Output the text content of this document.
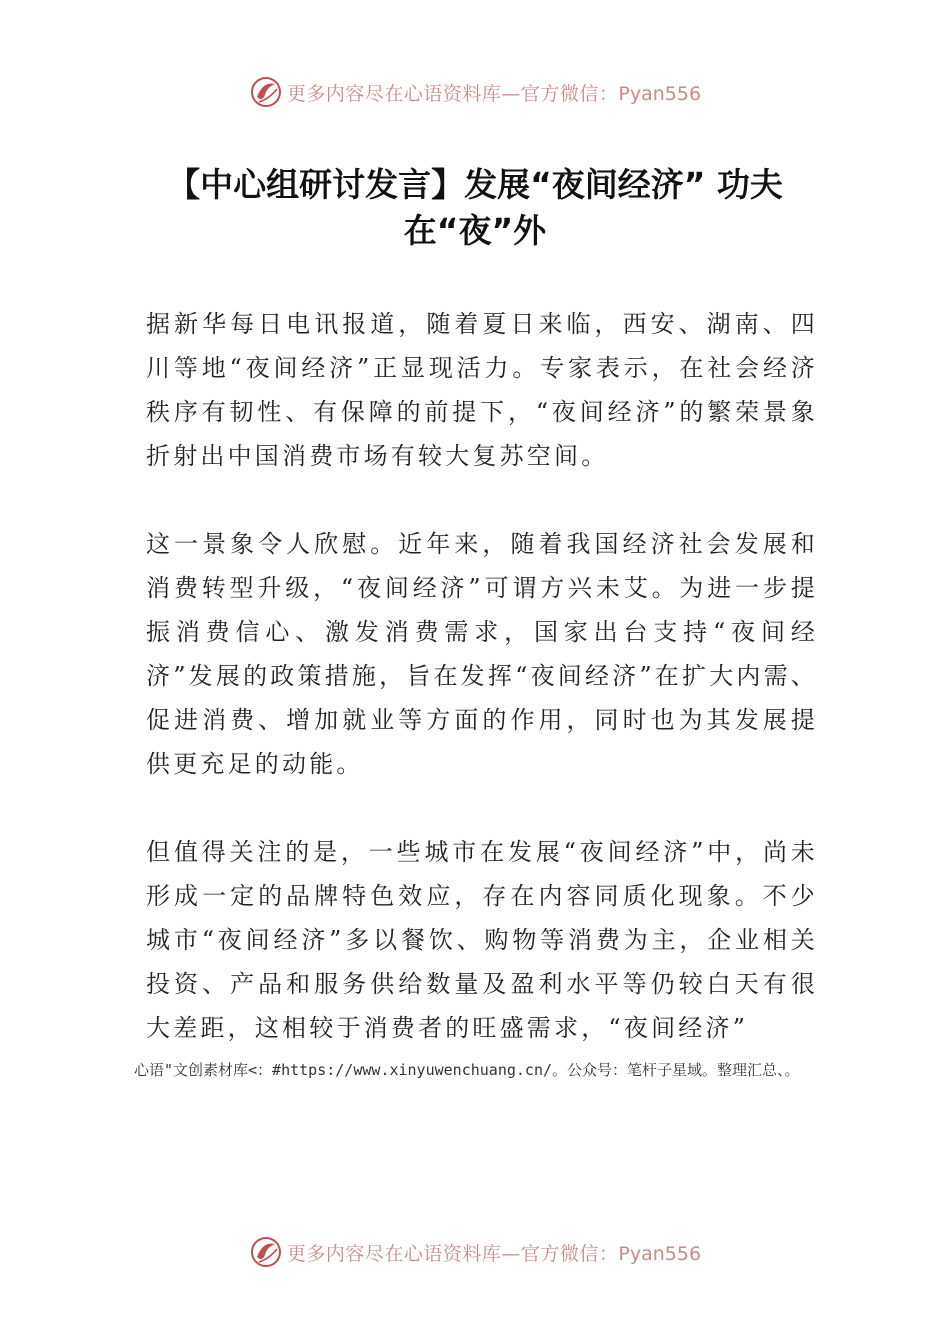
更多内容尽在心语资料库—官方微信：Pyan556
【中心组研讨发言】发展“夜间经济” 功夫在“夜”外

据新华每日电讯报道，随着夏日来临，西安、湖南、四川等地“夜间经济”正显现活力。专家表示，在社会经济秩序有韧性、有保障的前提下，“夜间经济”的繁荣景象折射出中国消费市场有较大复苏空间。

这一景象令人欣慰。近年来，随着我国经济社会发展和消费转型升级，“夜间经济”可谓方兴未艾。为进一步提振消费信心、激发消费需求，国家出台支持“夜间经济”发展的政策措施，旨在发挥“夜间经济”在扩大内需、促进消费、增加就业等方面的作用，同时也为其发展提供更充足的动能。

但值得关注的是，一些城市在发展“夜间经济”中，尚未形成一定的品牌特色效应，存在内容同质化现象。不少城市“夜间经济”多以餐饮、购物等消费为主，企业相关投资、产品和服务供给数量及盈利水平等仍较白天有很大差距，这相较于消费者的旺盛需求，“夜间经济”

心语"文创素材库<：#https://www.xinyuwenchuang.cn/。公众号：笔杆子星域。整理汇总、。

更多内容尽在心语资料库—官方微信：Pyan556
